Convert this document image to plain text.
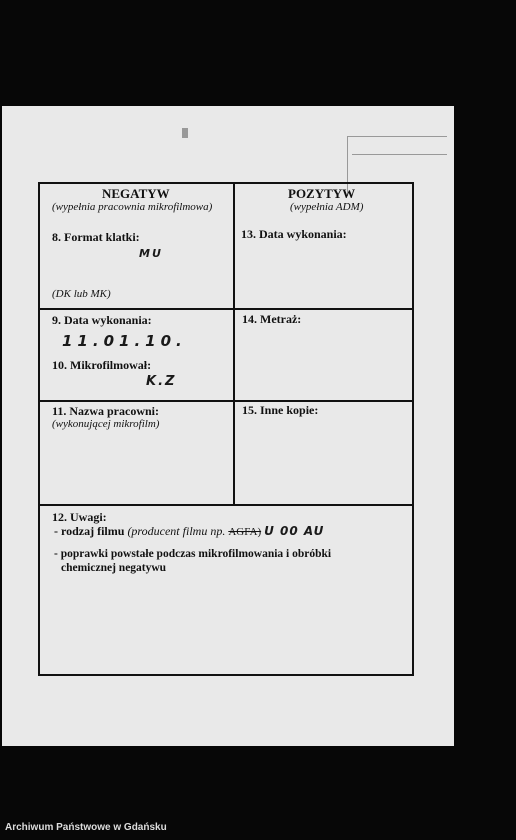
NEGATYW
(wypełnia pracownia mikrofilmowa)
POZYTYW
(wypełnia ADM)
8. Format klatki:
MU
(DK lub MK)
13. Data wykonania:
9. Data wykonania:
11.01.10.
10. Mikrofilmował:
K.Z
14. Metraż:
11. Nazwa pracowni:
(wykonującej mikrofilm)
15. Inne kopie:
12. Uwagi:
- rodzaj filmu (producent filmu np. AGFA) U 00 AU
- poprawki powstałe podczas mikrofilmowania i obróbki
chemicznej negatywu
Archiwum Państwowe w Gdańsku
